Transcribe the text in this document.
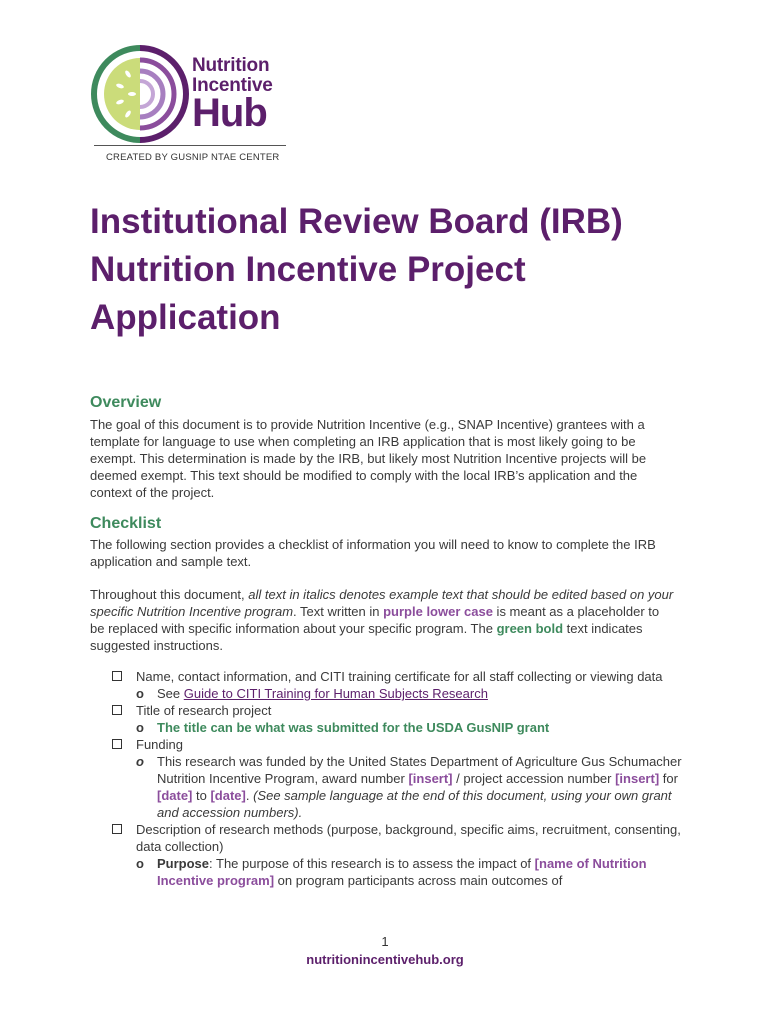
Nutrition
Incentive
Hub
CREATED BY GUSNIP NTAE CENTER
Institutional Review Board (IRB) Nutrition Incentive Project Application
Overview

The goal of this document is to provide Nutrition Incentive (e.g., SNAP Incentive) grantees with a template for language to use when completing an IRB application that is most likely going to be exempt. This determination is made by the IRB, but likely most Nutrition Incentive projects will be deemed exempt. This text should be modified to comply with the local IRB’s application and the context of the project.

Checklist

The following section provides a checklist of information you will need to know to complete the IRB application and sample text.

Throughout this document, all text in italics denotes example text that should be edited based on your specific Nutrition Incentive program. Text written in purple lower case is meant as a placeholder to be replaced with specific information about your specific program. The green bold text indicates suggested instructions.

Name, contact information, and CITI training certificate for all staff collecting or viewing data
o See Guide to CITI Training for Human Subjects Research
Title of research project
o The title can be what was submitted for the USDA GusNIP grant
Funding
o This research was funded by the United States Department of Agriculture Gus Schumacher Nutrition Incentive Program, award number [insert] / project accession number [insert] for [date] to [date]. (See sample language at the end of this document, using your own grant and accession numbers).
Description of research methods (purpose, background, specific aims, recruitment, consenting, data collection)
o Purpose: The purpose of this research is to assess the impact of [name of Nutrition Incentive program] on program participants across main outcomes of
1
nutritionincentivehub.org
